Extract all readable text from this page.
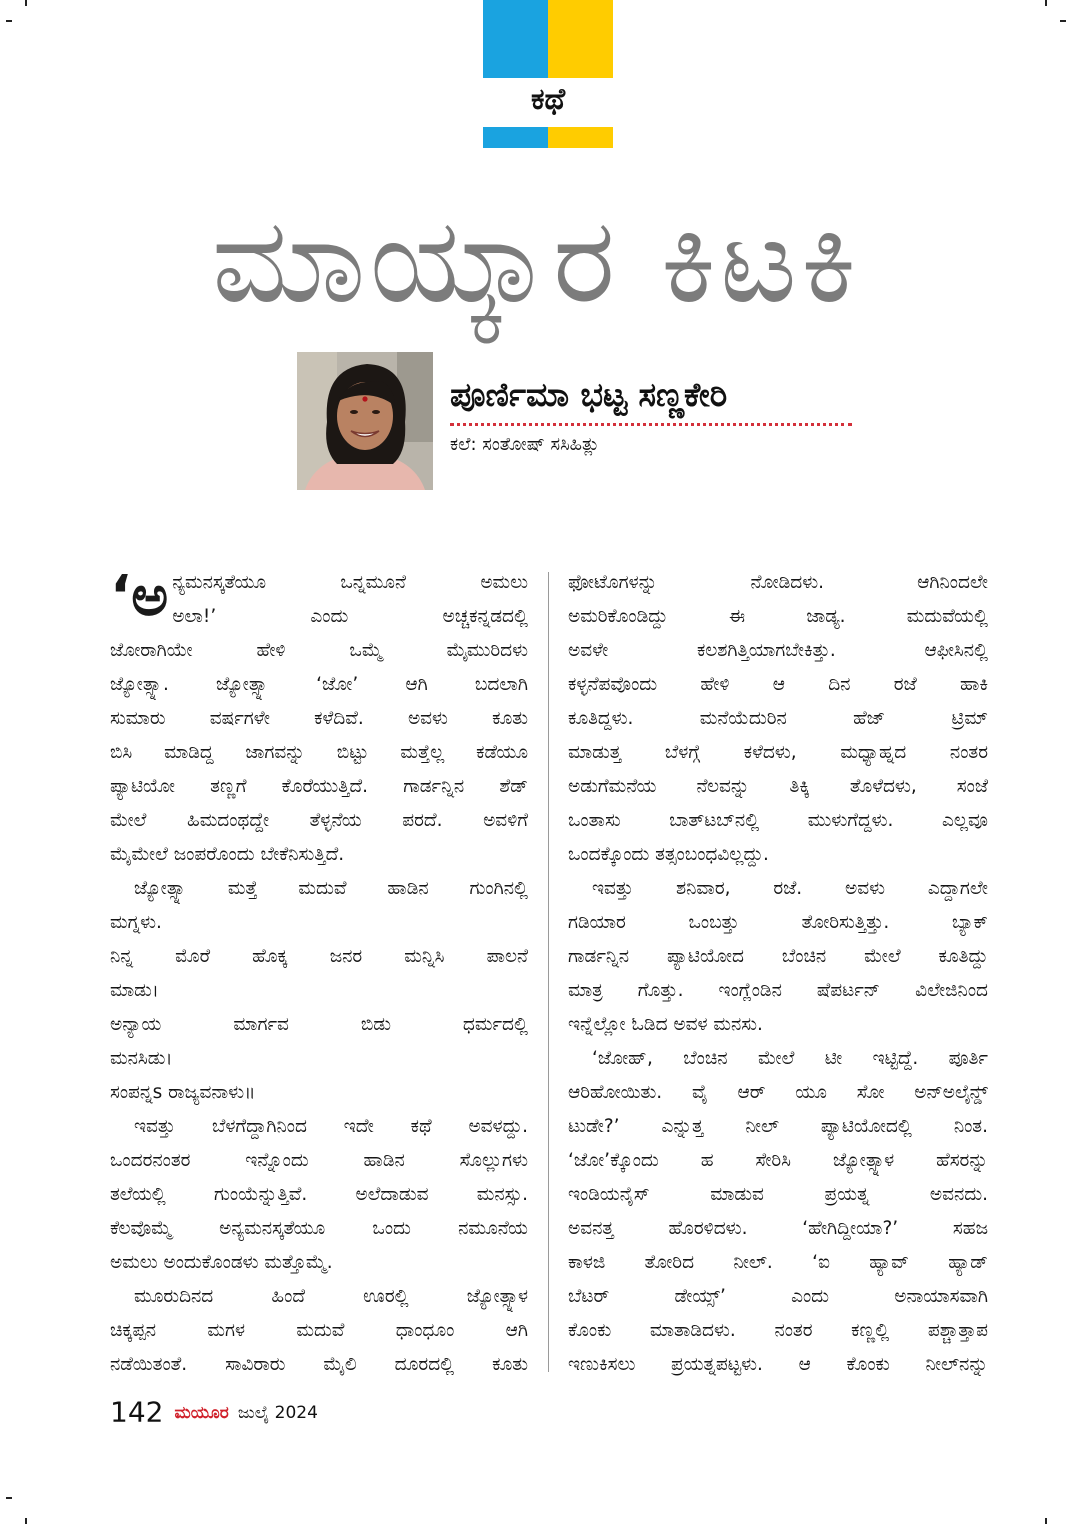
ಕಥೆ
ಮಾಯ್ಕಾರ ಕಿಟಕಿ
ಪೂರ್ಣಿಮಾ ಭಟ್ಟ ಸಣ್ಣಕೇರಿ
ಕಲೆ: ಸಂತೋಷ್ ಸಸಿಹಿತ್ಲು
‘ಅ ನ್ಯಮನಸ್ಕತೆಯೂ ಒನ್ನಮೂನೆ ಅಮಲು

ಅಲಾ!’ ಎಂದು ಅಚ್ಚಕನ್ನಡದಲ್ಲಿ

ಜೋರಾಗಿಯೇ ಹೇಳಿ ಒಮ್ಮೆ ಮೈಮುರಿದಳು

ಜ್ಯೋತ್ಸ್ನಾ. ಜ್ಯೋತ್ಸ್ನಾ ‘ಜೋ’ ಆಗಿ ಬದಲಾಗಿ

ಸುಮಾರು ವರ್ಷಗಳೇ ಕಳೆದಿವೆ. ಅವಳು ಕೂತು

ಬಿಸಿ ಮಾಡಿದ್ದ ಜಾಗವನ್ನು ಬಿಟ್ಟು ಮತ್ತೆಲ್ಲ ಕಡೆಯೂ

ಪ್ಯಾಟಿಯೋ ತಣ್ಣಗೆ ಕೊರೆಯುತ್ತಿದೆ. ಗಾರ್ಡನ್ನಿನ ಶೆಡ್

ಮೇಲೆ ಹಿಮದಂಥದ್ದೇ ತೆಳ್ಳನೆಯ ಪರದೆ. ಅವಳಿಗೆ

ಮೈಮೇಲೆ ಜಂಪರೊಂದು ಬೇಕೆನಿಸುತ್ತಿದೆ.

ಜ್ಯೋತ್ಸ್ನಾ ಮತ್ತೆ ಮದುವೆ ಹಾಡಿನ ಗುಂಗಿನಲ್ಲಿ

ಮಗ್ನಳು.

ನಿನ್ನ ಮೊರೆ ಹೊಕ್ಕ ಜನರ ಮನ್ನಿಸಿ ಪಾಲನೆ

ಮಾಡು।

ಅನ್ಯಾಯ ಮಾರ್ಗವ ಬಿಡು ಧರ್ಮದಲ್ಲಿ

ಮನಸಿಡು।

ಸಂಪನ್ನs ರಾಜ್ಯವನಾಳು॥

ಇವತ್ತು ಬೆಳಗೆದ್ದಾಗಿನಿಂದ ಇದೇ ಕಥೆ ಅವಳದ್ದು.

ಒಂದರನಂತರ ಇನ್ನೊಂದು ಹಾಡಿನ ಸೊಲ್ಲುಗಳು

ತಲೆಯಲ್ಲಿ ಗುಂಯೆನ್ನುತ್ತಿವೆ. ಅಲೆದಾಡುವ ಮನಸ್ಸು.

ಕೆಲವೊಮ್ಮೆ ಅನ್ಯಮನಸ್ಕತೆಯೂ ಒಂದು ನಮೂನೆಯ

ಅಮಲು ಅಂದುಕೊಂಡಳು ಮತ್ತೊಮ್ಮೆ.

ಮೂರುದಿನದ ಹಿಂದೆ ಊರಲ್ಲಿ ಜ್ಯೋತ್ಸ್ನಾಳ

ಚಿಕ್ಕಪ್ಪನ ಮಗಳ ಮದುವೆ ಧಾಂಧೂಂ ಆಗಿ

ನಡೆಯಿತಂತೆ. ಸಾವಿರಾರು ಮೈಲಿ ದೂರದಲ್ಲಿ ಕೂತು

ಫೋಟೊಗಳನ್ನು ನೋಡಿದಳು. ಆಗಿನಿಂದಲೇ

ಅಮರಿಕೊಂಡಿದ್ದು ಈ ಜಾಡ್ಯ. ಮದುವೆಯಲ್ಲಿ

ಅವಳೇ ಕಲಶಗಿತ್ತಿಯಾಗಬೇಕಿತ್ತು. ಆಫೀಸಿನಲ್ಲಿ

ಕಳ್ಳನೆಪವೊಂದು ಹೇಳಿ ಆ ದಿನ ರಜೆ ಹಾಕಿ

ಕೂತಿದ್ದಳು. ಮನೆಯೆದುರಿನ ಹೆಜ್ ಟ್ರಿಮ್

ಮಾಡುತ್ತ ಬೆಳಗ್ಗೆ ಕಳೆದಳು, ಮಧ್ಯಾಹ್ನದ ನಂತರ

ಅಡುಗೆಮನೆಯ ನೆಲವನ್ನು ತಿಕ್ಕಿ ತೊಳೆದಳು, ಸಂಜೆ

ಒಂತಾಸು ಬಾತ್‌ಟಬ್‌ನಲ್ಲಿ ಮುಳುಗೆದ್ದಳು. ಎಲ್ಲವೂ

ಒಂದಕ್ಕೊಂದು ತತ್ಸಂಬಂಧವಿಲ್ಲದ್ದು.

ಇವತ್ತು ಶನಿವಾರ, ರಜೆ. ಅವಳು ಎದ್ದಾಗಲೇ

ಗಡಿಯಾರ ಒಂಬತ್ತು ತೋರಿಸುತ್ತಿತ್ತು. ಬ್ಯಾಕ್

ಗಾರ್ಡನ್ನಿನ ಪ್ಯಾಟಿಯೋದ ಬೆಂಚಿನ ಮೇಲೆ ಕೂತಿದ್ದು

ಮಾತ್ರ ಗೊತ್ತು. ಇಂಗ್ಲೆಂಡಿನ ಷೆಪರ್ಟನ್ ವಿಲೇಜಿನಿಂದ

ಇನ್ನೆಲ್ಲೋ ಓಡಿದ ಅವಳ ಮನಸು.

‘ಜೋಹ್, ಬೆಂಚಿನ ಮೇಲೆ ಟೀ ಇಟ್ಟಿದ್ದೆ. ಪೂರ್ತಿ

ಆರಿಹೋಯಿತು. ವೈ ಆರ್ ಯೂ ಸೋ ಅನ್‌ಅಲೈನ್ಡ್

ಟುಡೇ?’ ಎನ್ನುತ್ತ ನೀಲ್ ಪ್ಯಾಟಿಯೋದಲ್ಲಿ ನಿಂತ.

‘ಜೋ’ಕ್ಕೊಂದು ಹ ಸೇರಿಸಿ ಜ್ಯೋತ್ಸ್ನಾಳ ಹೆಸರನ್ನು

ಇಂಡಿಯನೈಸ್ ಮಾಡುವ ಪ್ರಯತ್ನ ಅವನದು.

ಅವನತ್ತ ಹೊರಳಿದಳು. ‘ಹೇಗಿದ್ದೀಯಾ?’ ಸಹಜ

ಕಾಳಜಿ ತೋರಿದ ನೀಲ್. ‘ಐ ಹ್ಯಾವ್ ಹ್ಯಾಡ್

ಬೆಟರ್ ಡೇಯ್ಸ್’ ಎಂದು ಅನಾಯಾಸವಾಗಿ

ಕೊಂಕು ಮಾತಾಡಿದಳು. ನಂತರ ಕಣ್ಣಲ್ಲಿ ಪಶ್ಚಾತ್ತಾಪ

ಇಣುಕಿಸಲು ಪ್ರಯತ್ನಪಟ್ಟಳು. ಆ ಕೊಂಕು ನೀಲ್‌ನನ್ನು

142 ಮಯೂರ ಜುಲೈ 2024
